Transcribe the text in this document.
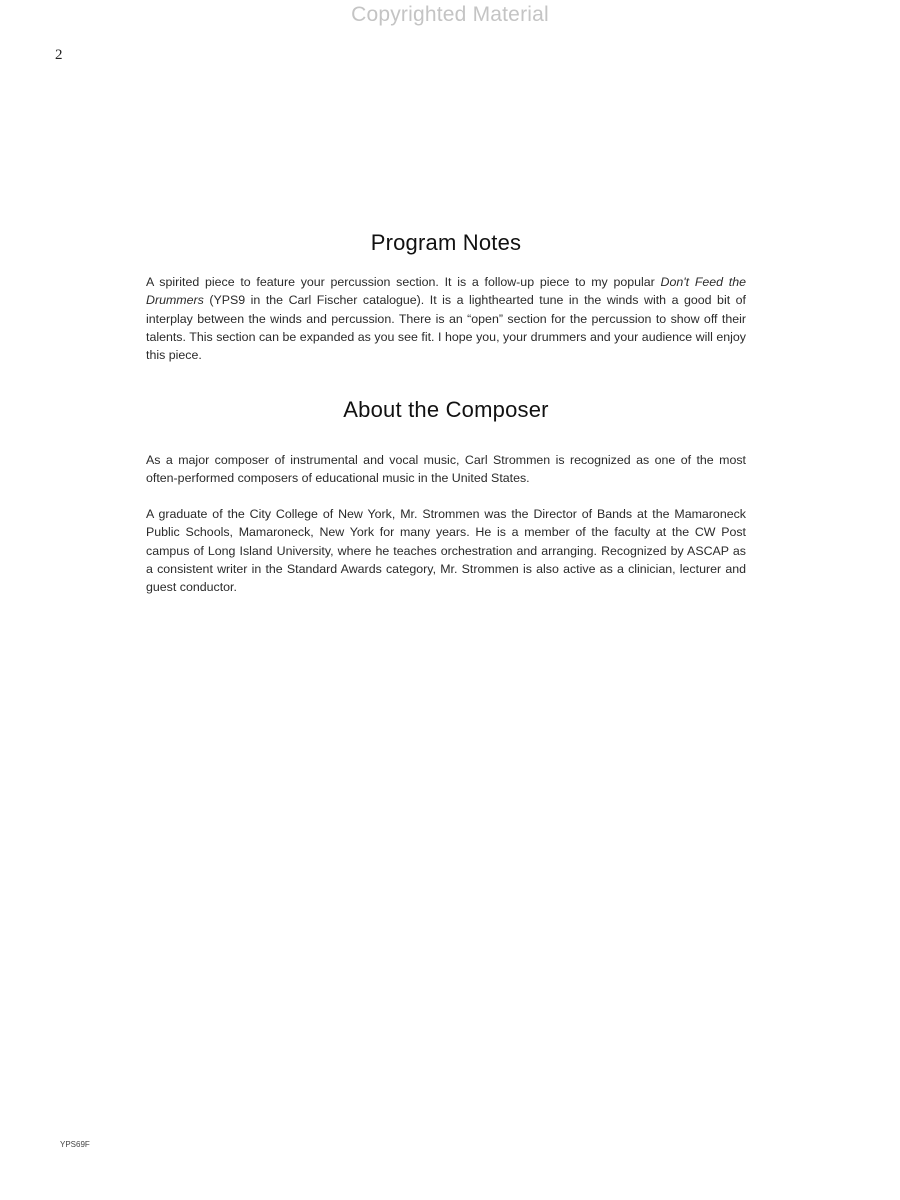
Copyrighted Material
2
Program Notes

A spirited piece to feature your percussion section. It is a follow-up piece to my popular Don't Feed the Drummers (YPS9 in the Carl Fischer catalogue). It is a lighthearted tune in the winds with a good bit of interplay between the winds and percussion. There is an “open” section for the percussion to show off their talents. This section can be expanded as you see fit. I hope you, your drummers and your audience will enjoy this piece.

About the Composer

As a major composer of instrumental and vocal music, Carl Strommen is recognized as one of the most often-performed composers of educational music in the United States.

A graduate of the City College of New York, Mr. Strommen was the Director of Bands at the Mamaroneck Public Schools, Mamaroneck, New York for many years. He is a member of the faculty at the CW Post campus of Long Island University, where he teaches orchestration and arranging. Recognized by ASCAP as a consistent writer in the Standard Awards category, Mr. Strommen is also active as a clinician, lecturer and guest conductor.

YPS69F
